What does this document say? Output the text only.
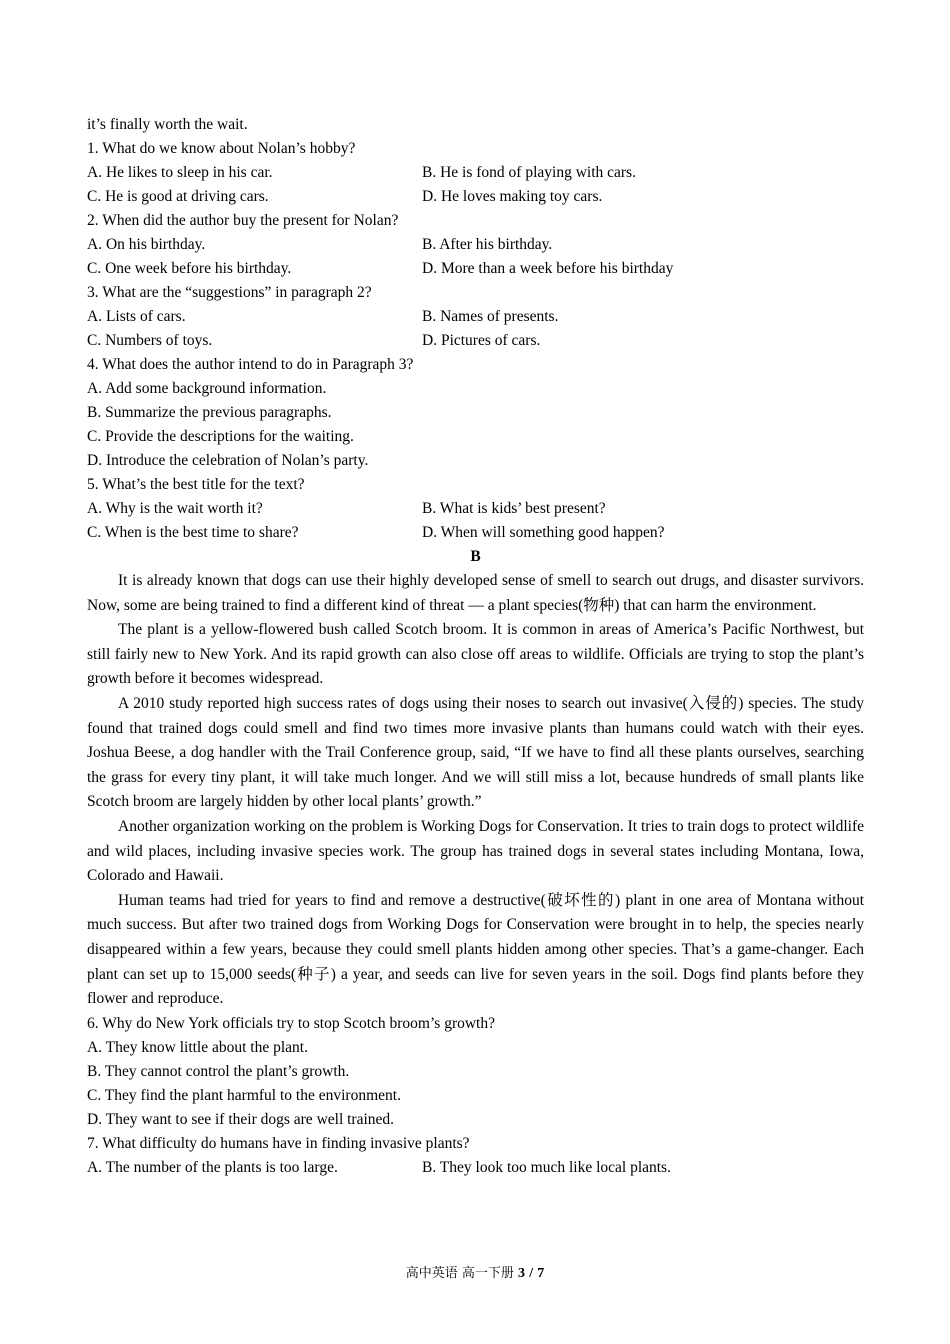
it’s finally worth the wait.
1. What do we know about Nolan’s hobby?
A. He likes to sleep in his car.	B. He is fond of playing with cars.
C. He is good at driving cars.	D. He loves making toy cars.
2. When did the author buy the present for Nolan?
A. On his birthday.	B. After his birthday.
C. One week before his birthday.	D. More than a week before his birthday
3. What are the “suggestions” in paragraph 2?
A. Lists of cars.	B. Names of presents.
C. Numbers of toys.	D. Pictures of cars.
4. What does the author intend to do in Paragraph 3?
A. Add some background information.
B. Summarize the previous paragraphs.
C. Provide the descriptions for the waiting.
D. Introduce the celebration of Nolan’s party.
5. What’s the best title for the text?
A. Why is the wait worth it?	B. What is kids’ best present?
C. When is the best time to share?	D. When will something good happen?
B

It is already known that dogs can use their highly developed sense of smell to search out drugs, and disaster survivors. Now, some are being trained to find a different kind of threat — a plant species(物种) that can harm the environment.

The plant is a yellow-flowered bush called Scotch broom. It is common in areas of America’s Pacific Northwest, but still fairly new to New York. And its rapid growth can also close off areas to wildlife. Officials are trying to stop the plant’s growth before it becomes widespread.

A 2010 study reported high success rates of dogs using their noses to search out invasive(入侵的) species. The study found that trained dogs could smell and find two times more invasive plants than humans could watch with their eyes. Joshua Beese, a dog handler with the Trail Conference group, said, “If we have to find all these plants ourselves, searching the grass for every tiny plant, it will take much longer. And we will still miss a lot, because hundreds of small plants like Scotch broom are largely hidden by other local plants’ growth.”

Another organization working on the problem is Working Dogs for Conservation. It tries to train dogs to protect wildlife and wild places, including invasive species work. The group has trained dogs in several states including Montana, Iowa, Colorado and Hawaii.

Human teams had tried for years to find and remove a destructive(破坏性的) plant in one area of Montana without much success. But after two trained dogs from Working Dogs for Conservation were brought in to help, the species nearly disappeared within a few years, because they could smell plants hidden among other species. That’s a game-changer. Each plant can set up to 15,000 seeds(种子) a year, and seeds can live for seven years in the soil. Dogs find plants before they flower and reproduce.

6. Why do New York officials try to stop Scotch broom’s growth?
A. They know little about the plant.
B. They cannot control the plant’s growth.
C. They find the plant harmful to the environment.
D. They want to see if their dogs are well trained.
7. What difficulty do humans have in finding invasive plants?
A. The number of the plants is too large.	B. They look too much like local plants.
高中英语 高一下册 3 / 7
